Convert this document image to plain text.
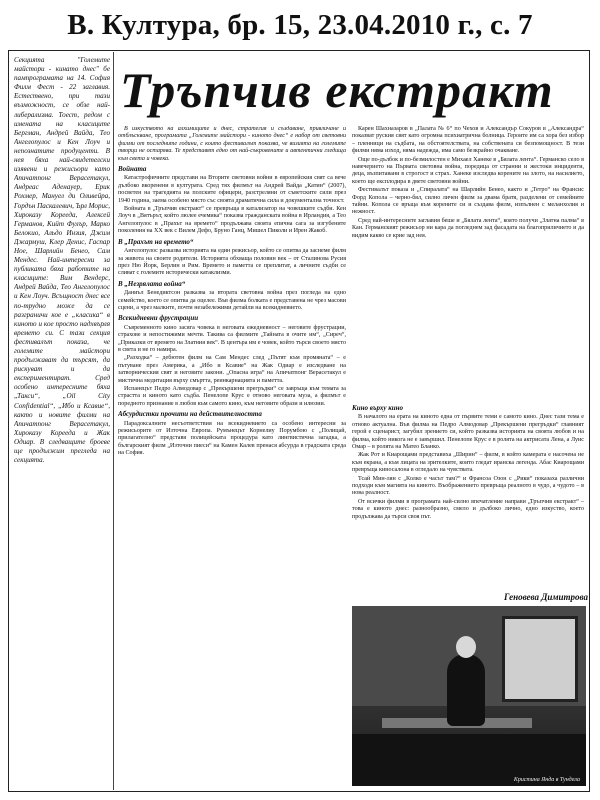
В. Култура, бр. 15, 23.04.2010 г., с. 7

Секцията "Големите майстори - кинато днес" бе пампрограмата на 14. София Филм Фест - 22 заглавия. Естествено, при тази възможност, се обзе най-либерализма. Тоест, редом с имената на класиците Бергман, Андрей Вайда, Тео Ангелопулос и Кен Лоуч и непознатите продуценти. В нея бяха най-свидетелски изявени и режисьори като Апичатпонг Верасетакул, Андреас Аденауер, Ерик Рохмер, Мануел ди Оливейра, Гордън Паскалевич, Ърл Морис, Хироказу Корееда, Алексей Германов, Кийт Фулър, Марко Белокио, Альдо Инзия, Джим Джармуш, Клер Денис, Гаспар Ное, Шарлийн Бенео, Сам Мендес. Най-интересни за публиката бяха работите на класиците: Вим Вендерс, Андрей Вайда, Тео Ангелопулос и Кен Лоуч. Всъщност днес все по-трудно може да се разграничи кое е „класика“ в киното и кое просто надхвърля времето си. С тази секция фестивалът показа, че големите майстори продължават да търсят, да рискуват и да експериментират. Сред особено интересните бяха „Такси“, „Oil City Confidential“, „Ибо и Ксавие“, както и новите филми на Апичатпонг Верасетакул, Хироказу Корееда и Жак Одиар. В следващите броеве ще продължим прегледа на секцията.

Тръпчив екстракт

В изкуството на алхимиците и днес, стратегия и създаване, привличане и отблъскване, програмата „Големите майстори - киното днес“ е набор от световни филми от последните години, с които фестивалът показва, че визията на големите творци не остарява. Те представят едно от най-съкровените и автентични гледища към света и човека.

Войната

Катастрофичните представи на Вторите световни войни в европейския свят са вече дълбоко вкоренени в културата. Сред тях филмът на Андрей Вайда „Катин“ (2007), посветен на трагедията на полските офицери, разстреляни от съветските сили през 1940 година, заема особено място със своята драматична сила и документална точност.

Войната в „Тръпчив екстракт“ се превръща в катализатор на човешките съдби. Кен Лоуч в „Вятърът, който люлее ечемика“ показва гражданската война в Ирландия, а Тео Ангелопулос в „Прахът на времето“ продължава своята епична сага за изгубените поколения на ХХ век с Вилем Дефо, Бруно Ганц, Мишел Пиколи и Ирен Жакоб.

В „Прахът на времето“

Ангелопулос разказва историята на един режисьор, който се опитва да заснеме филм за живота на своите родители. Историята обхваща половин век – от Сталинова Русия през Ню Йорк, Берлин и Рим. Времето и паметта се преплитат, а личните съдби се сливат с големите исторически катаклизми.

В „Незрялата война“

Даниъл Бенедиктсон разказва за втората световна война през погледа на едно семейство, което се опитва да оцелее. Във филма болката е представена не чрез масови сцени, а чрез малките, почти незабележими детайли на всекидневието.

Всекидневни фрустрации

Съвременното кино засяга човека в неговата ежедневност – неговите фрустрации, страхове и непостижими мечти. Такива са филмите „Тайната в очите им“, „Сиреч“, „Приказки от времето на Златния век“. В центъра им е човек, който търси своето място в света и не го намира.

„Разходка“ – дебютен филм на Сам Мендес след „Пътят към промяната“ – е пътуване през Америка, а „Ибо и Ксавие“ на Жак Одиар е изследване на затворническия свят и неговите закони. „Опасна игра“ на Апичатпонг Верасетакул е мистична медитация върху смъртта, реинкарнацията и паметта.

Испанецът Педро Алмодовар с „Прекършени прегръдки“ се завръща към темата за страстта и киното като съдба. Пенелопе Крус е отново неговата муза, а филмът е поредното признание в любов към самото кино, към неговите образи и илюзии.

Абсурдистки прочити на действителността

Парадоксалните несъответствия на всекидневието са особено интересни за режисьорите от Източна Европа. Румънецът Корнелиу Порумбою с „Полицай, прилагателно“ представя полицейската процедура като лингвистична загадка, а българският филм „Източни пиеси“ на Камен Калев пренася абсурда в градската среда на София.

Карен Шахназаров в „Палата № 6“ по Чехов и Александър Сокуров в „Александра“ показват руския свят като огромна психиатрична болница. Героите им са хора без избор – пленници на съдбата, на обстоятелствата, на собствената си безпомощност. В тези филми няма изход, няма надежда, има само безкрайно очакване.

Още по-дълбок и по-безмилостен е Михаел Ханеке в „Бялата лента“. Германско село в навечерието на Първата световна война, поредица от странни и жестоки инциденти, деца, възпитавани в строгост и страх. Ханеке изследва корените на злото, на насилието, което ще експлодира в двете световни войни.

Фестивалът показа и „Спиралата“ на Шарлийн Бенео, както и „Тетро“ на Франсис Форд Копола – черно-бял, силно личен филм за двама братя, разделени от семейните тайни. Копола се връща към корените си и създава филм, изпълнен с меланхолия и нежност.

Сред най-интересните заглавия беше и „Бялата лента“, която получи „Златна палма“ в Кан. Германският режисьор ни кара да погледнем зад фасадата на благоприличието и да видим какво се крие зад нея.

Кино върху кино

В началото на ерата на киното една от първите теми е самото кино. Днес тази тема е отново актуална. Във филма на Педро Алмодовар „Прекършени прегръдки“ главният герой е сценарист, загубил зрението си, който разказва историята на своята любов и на филма, който никога не е завършил. Пенелопе Крус е в ролята на актрисата Лена, а Луис Омар – в ролята на Матео Бланко.

Жак Рот и Киарощами представиха „Ширин“ – филм, в който камерата е насочена не към екрана, а към лицата на зрителките, които гледат иранска легенда. Абас Киарощами превръща киносалона в огледало на чувствата.

Тсай Мин-лян с „Колко е часът там?“ и Франсоа Озон с „Рики“ показаха различни подходи към магията на киното. Въображението превръща реалното в чудо, а чудото – в нова реалност.

От всички филми в програмата най-силно впечатление направи „Тръпчив екстракт“ – това е киното днес: разнообразно, смело и дълбоко лично, едно изкуство, което продължава да търси своя път.

Геновева Димитрова
Кристина Янда в Тундела
